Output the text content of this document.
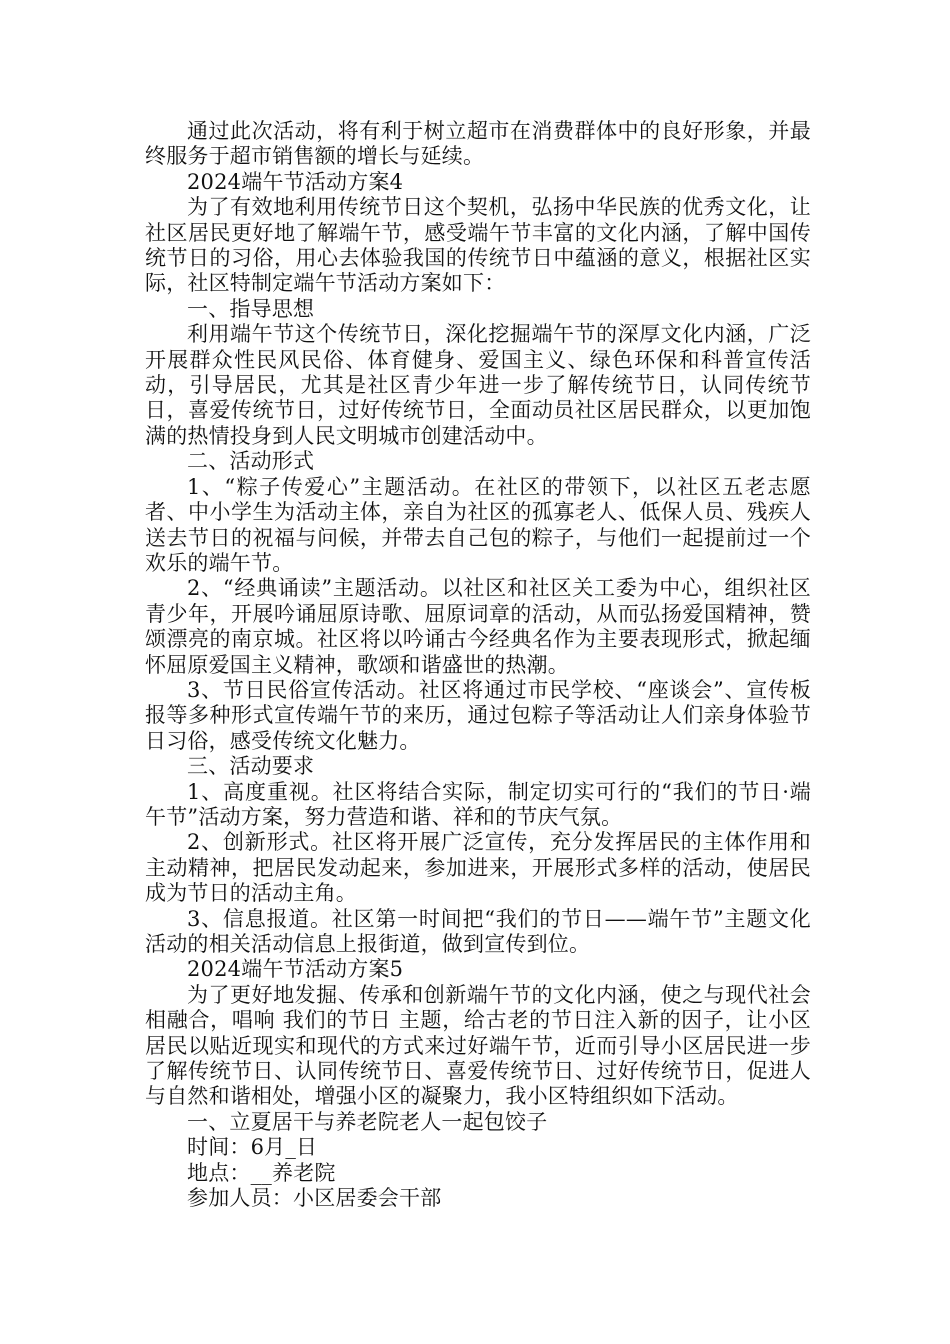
通过此次活动，将有利于树立超市在消费群体中的良好形象，并最终服务于超市销售额的增长与延续。

2024端午节活动方案4

为了有效地利用传统节日这个契机，弘扬中华民族的优秀文化，让社区居民更好地了解端午节，感受端午节丰富的文化内涵，了解中国传统节日的习俗，用心去体验我国的传统节日中蕴涵的意义，根据社区实际，社区特制定端午节活动方案如下：

一、指导思想

利用端午节这个传统节日，深化挖掘端午节的深厚文化内涵，广泛开展群众性民风民俗、体育健身、爱国主义、绿色环保和科普宣传活动，引导居民，尤其是社区青少年进一步了解传统节日，认同传统节日，喜爱传统节日，过好传统节日，全面动员社区居民群众，以更加饱满的热情投身到人民文明城市创建活动中。

二、活动形式

1、“粽子传爱心”主题活动。在社区的带领下，以社区五老志愿者、中小学生为活动主体，亲自为社区的孤寡老人、低保人员、残疾人送去节日的祝福与问候，并带去自己包的粽子，与他们一起提前过一个欢乐的端午节。

2、“经典诵读”主题活动。以社区和社区关工委为中心，组织社区青少年，开展吟诵屈原诗歌、屈原词章的活动，从而弘扬爱国精神，赞颂漂亮的南京城。社区将以吟诵古今经典名作为主要表现形式，掀起缅怀屈原爱国主义精神，歌颂和谐盛世的热潮。

3、节日民俗宣传活动。社区将通过市民学校、“座谈会”、宣传板报等多种形式宣传端午节的来历，通过包粽子等活动让人们亲身体验节日习俗，感受传统文化魅力。

三、活动要求

1、高度重视。社区将结合实际，制定切实可行的“我们的节日·端午节”活动方案，努力营造和谐、祥和的节庆气氛。

2、创新形式。社区将开展广泛宣传，充分发挥居民的主体作用和主动精神，把居民发动起来，参加进来，开展形式多样的活动，使居民成为节日的活动主角。

3、信息报道。社区第一时间把“我们的节日——端午节”主题文化活动的相关活动信息上报街道，做到宣传到位。

2024端午节活动方案5

为了更好地发掘、传承和创新端午节的文化内涵，使之与现代社会相融合，唱响 我们的节日 主题，给古老的节日注入新的因子，让小区居民以贴近现实和现代的方式来过好端午节，近而引导小区居民进一步了解传统节日、认同传统节日、喜爱传统节日、过好传统节日，促进人与自然和谐相处，增强小区的凝聚力，我小区特组织如下活动。

一、立夏居干与养老院老人一起包饺子

时间：6月_日

地点：__养老院

参加人员：小区居委会干部
